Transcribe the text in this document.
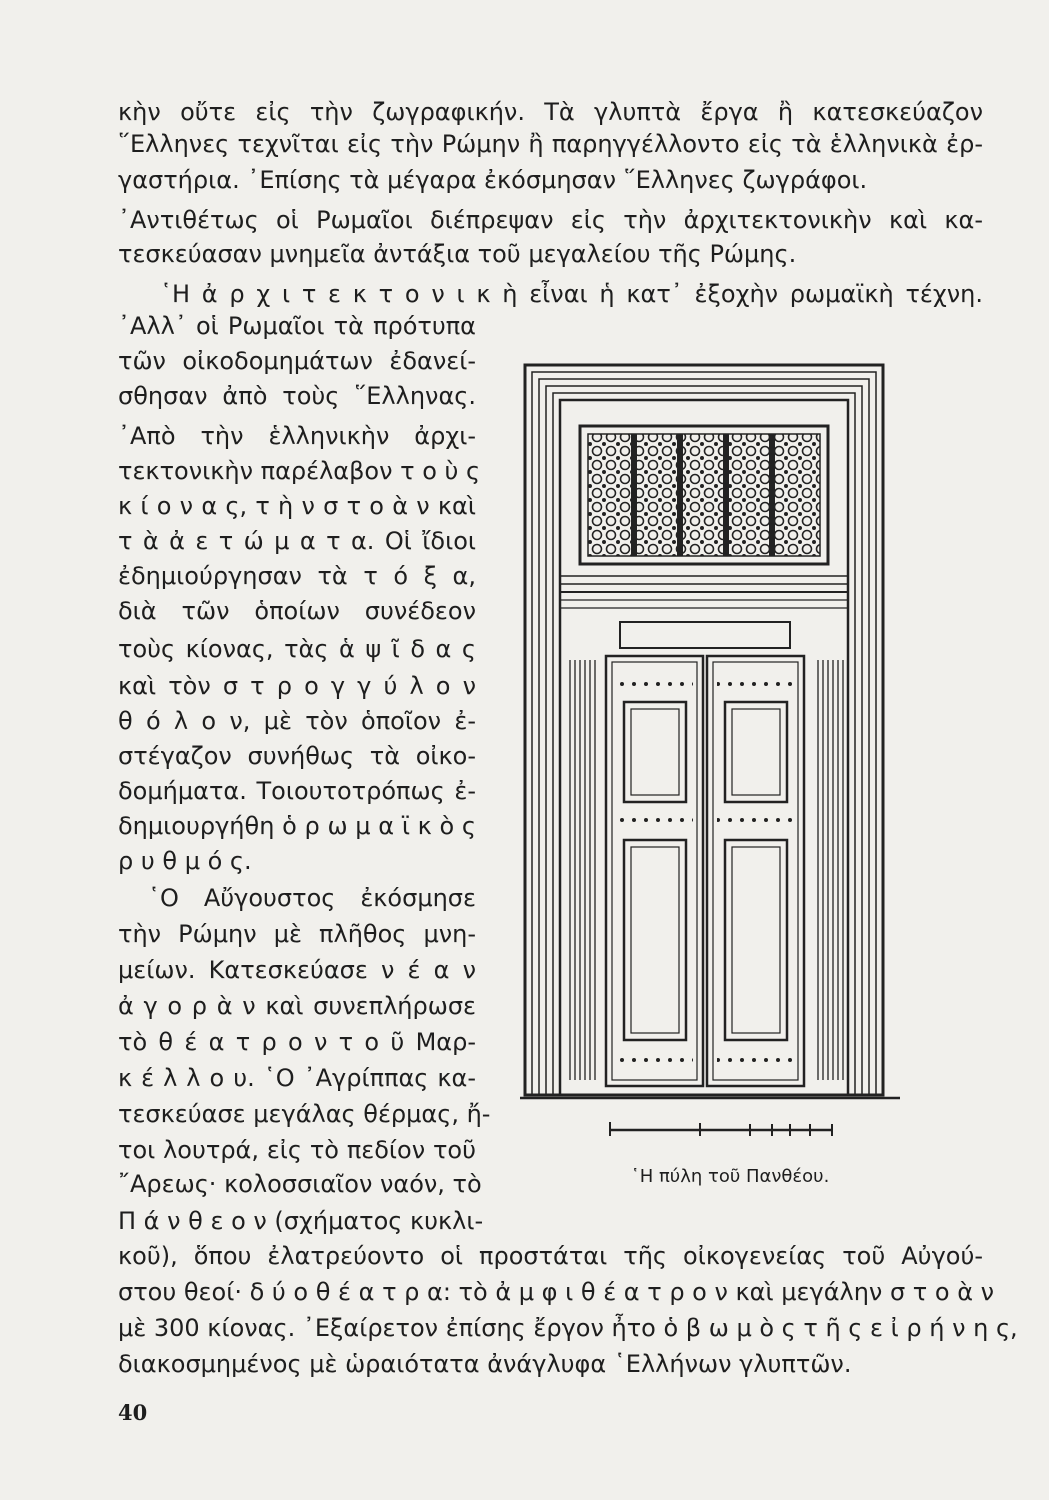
κὴν οὔτε εἰς τὴν ζωγραφικήν. Τὰ γλυπτὰ ἔργα ἢ κατεσκεύαζον
῞Ελληνες τεχνῖται εἰς τὴν Ρώμην ἢ παρηγγέλλοντο εἰς τὰ ἑλληνικὰ ἐρ-
γαστήρια. ᾿Επίσης τὰ μέγαρα ἐκόσμησαν ῞Ελληνες ζωγράφοι.
᾿Αντιθέτως οἱ Ρωμαῖοι διέπρεψαν εἰς τὴν ἀρχιτεκτονικὴν καὶ κα-
τεσκεύασαν μνημεῖα ἀντάξια τοῦ μεγαλείου τῆς Ρώμης.
῾Η ἀ ρ χ ι τ ε κ τ ο ν ι κ ὴ εἶναι ἡ κατ᾿ ἐξοχὴν ρωμαϊκὴ τέχνη.
᾿Αλλ᾿ οἱ Ρωμαῖοι τὰ πρότυπα
τῶν οἰκοδομημάτων ἐδανεί-
σθησαν ἀπὸ τοὺς ῞Ελληνας.
᾿Απὸ τὴν ἑλληνικὴν ἀρχι-
τεκτονικὴν παρέλαβον τ ο ὺ ς
κ ί ο ν α ς, τ ὴ ν σ τ ο ὰ ν καὶ
τ ὰ ἀ ε τ ώ μ α τ α. Οἱ ἴδιοι
ἐδημιούργησαν τὰ τ ό ξ α,
διὰ τῶν ὁποίων συνέδεον
τοὺς κίονας, τὰς ἁ ψ ῖ δ α ς
καὶ τὸν σ τ ρ ο γ γ ύ λ ο ν
θ ό λ ο ν, μὲ τὸν ὁποῖον ἐ-
στέγαζον συνήθως τὰ οἰκο-
δομήματα. Τοιουτοτρόπως ἐ-
δημιουργήθη ὁ ρ ω μ α ϊ κ ὸ ς
ρ υ θ μ ό ς.
῾Ο Αὔγουστος ἐκόσμησε
τὴν Ρώμην μὲ πλῆθος μνη-
μείων. Κατεσκεύασε ν έ α ν
ἀ γ ο ρ ὰ ν καὶ συνεπλήρωσε
τὸ θ έ α τ ρ ο ν τ ο ῦ Μαρ-
κ έ λ λ ο υ. ῾Ο ᾿Αγρίππας κα-
τεσκεύασε μεγάλας θέρμας, ἤ-
τοι λουτρά, εἰς τὸ πεδίον τοῦ
῎Αρεως· κολοσσιαῖον ναόν, τὸ
Π ά ν θ ε ο ν (σχήματος κυκλι-
κοῦ), ὅπου ἐλατρεύοντο οἱ προστάται τῆς οἰκογενείας τοῦ Αὐγού-
στου θεοί· δ ύ ο θ έ α τ ρ α: τὸ ἀ μ φ ι θ έ α τ ρ ο ν καὶ μεγάλην σ τ ο ὰ ν
μὲ 300 κίονας. ᾿Εξαίρετον ἐπίσης ἔργον ἦτο ὁ β ω μ ὸ ς τ ῆ ς ε ἰ ρ ή ν η ς,
διακοσμημένος μὲ ὡραιότατα ἀνάγλυφα ῾Ελλήνων γλυπτῶν.
῾Η πύλη τοῦ Πανθέου.
40
